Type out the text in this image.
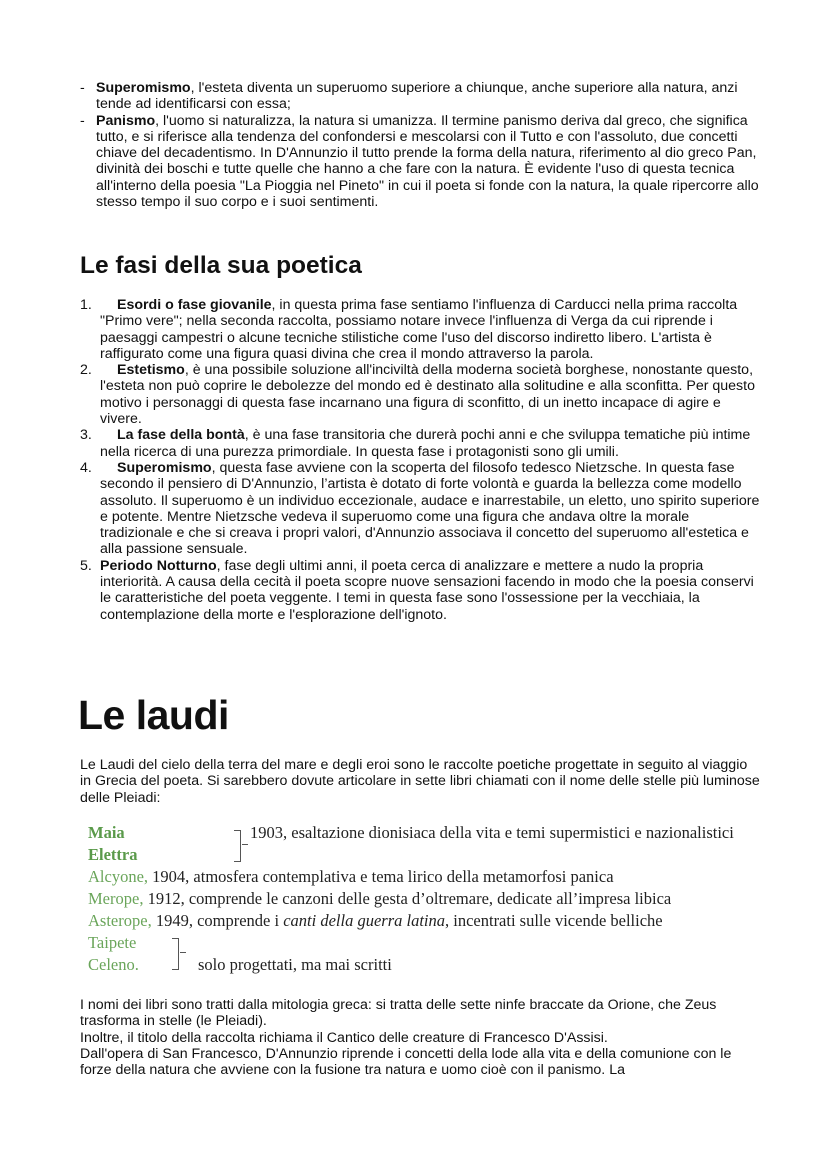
- Superomismo, l'esteta diventa un superuomo superiore a chiunque, anche superiore alla natura, anzi tende ad identificarsi con essa;
- Panismo, l'uomo si naturalizza, la natura si umanizza. Il termine panismo deriva dal greco, che significa tutto, e si riferisce alla tendenza del confondersi e mescolarsi con il Tutto e con l'assoluto, due concetti chiave del decadentismo. In D'Annunzio il tutto prende la forma della natura, riferimento al dio greco Pan, divinità dei boschi e tutte quelle che hanno a che fare con la natura. È evidente l'uso di questa tecnica all'interno della poesia "La Pioggia nel Pineto" in cui il poeta si fonde con la natura, la quale ripercorre allo stesso tempo il suo corpo e i suoi sentimenti.
Le fasi della sua poetica
1.	Esordi o fase giovanile, in questa prima fase sentiamo l'influenza di Carducci nella prima raccolta "Primo vere"; nella seconda raccolta, possiamo notare invece l'influenza di Verga da cui riprende i paesaggi campestri o alcune tecniche stilistiche come l'uso del discorso indiretto libero. L'artista è raffigurato come una figura quasi divina che crea il mondo attraverso la parola.
2.	Estetismo, è una possibile soluzione all'inciviltà della moderna società borghese, nonostante questo, l'esteta non può coprire le debolezze del mondo ed è destinato alla solitudine e alla sconfitta. Per questo motivo i personaggi di questa fase incarnano una figura di sconfitto, di un inetto incapace di agire e vivere.
3.	La fase della bontà, è una fase transitoria che durerà pochi anni e che sviluppa tematiche più intime nella ricerca di una purezza primordiale. In questa fase i protagonisti sono gli umili.
4.	Superomismo, questa fase avviene con la scoperta del filosofo tedesco Nietzsche. In questa fase secondo il pensiero di D'Annunzio, l’artista è dotato di forte volontà e guarda la bellezza come modello assoluto. Il superuomo è un individuo eccezionale, audace e inarrestabile, un eletto, uno spirito superiore e potente. Mentre Nietzsche vedeva il superuomo come una figura che andava oltre la morale tradizionale e che si creava i propri valori, d'Annunzio associava il concetto del superuomo all'estetica e alla passione sensuale.
5. Periodo Notturno, fase degli ultimi anni, il poeta cerca di analizzare e mettere a nudo la propria interiorità. A causa della cecità il poeta scopre nuove sensazioni facendo in modo che la poesia conservi le caratteristiche del poeta veggente. I temi in questa fase sono l'ossessione per la vecchiaia, la contemplazione della morte e l'esplorazione dell'ignoto.
Le laudi

Le Laudi del cielo della terra del mare e degli eroi sono le raccolte poetiche progettate in seguito al viaggio in Grecia del poeta. Si sarebbero dovute articolare in sette libri chiamati con il nome delle stelle più luminose delle Pleiadi:

Maia	1903, esaltazione dionisiaca della vita e temi supermistici e nazionalistici
Elettra
Alcyone, 1904, atmosfera contemplativa e tema lirico della metamorfosi panica
Merope, 1912, comprende le canzoni delle gesta d’oltremare, dedicate all’impresa libica
Asterope, 1949, comprende i canti della guerra latina, incentrati sulle vicende belliche
Taipete
Celeno.	solo progettati, ma mai scritti

I nomi dei libri sono tratti dalla mitologia greca: si tratta delle sette ninfe braccate da Orione, che Zeus trasforma in stelle (le Pleiadi).

Inoltre, il titolo della raccolta richiama il Cantico delle creature di Francesco D'Assisi.

Dall'opera di San Francesco, D'Annunzio riprende i concetti della lode alla vita e della comunione con le forze della natura che avviene con la fusione tra natura e uomo cioè con il panismo. La
